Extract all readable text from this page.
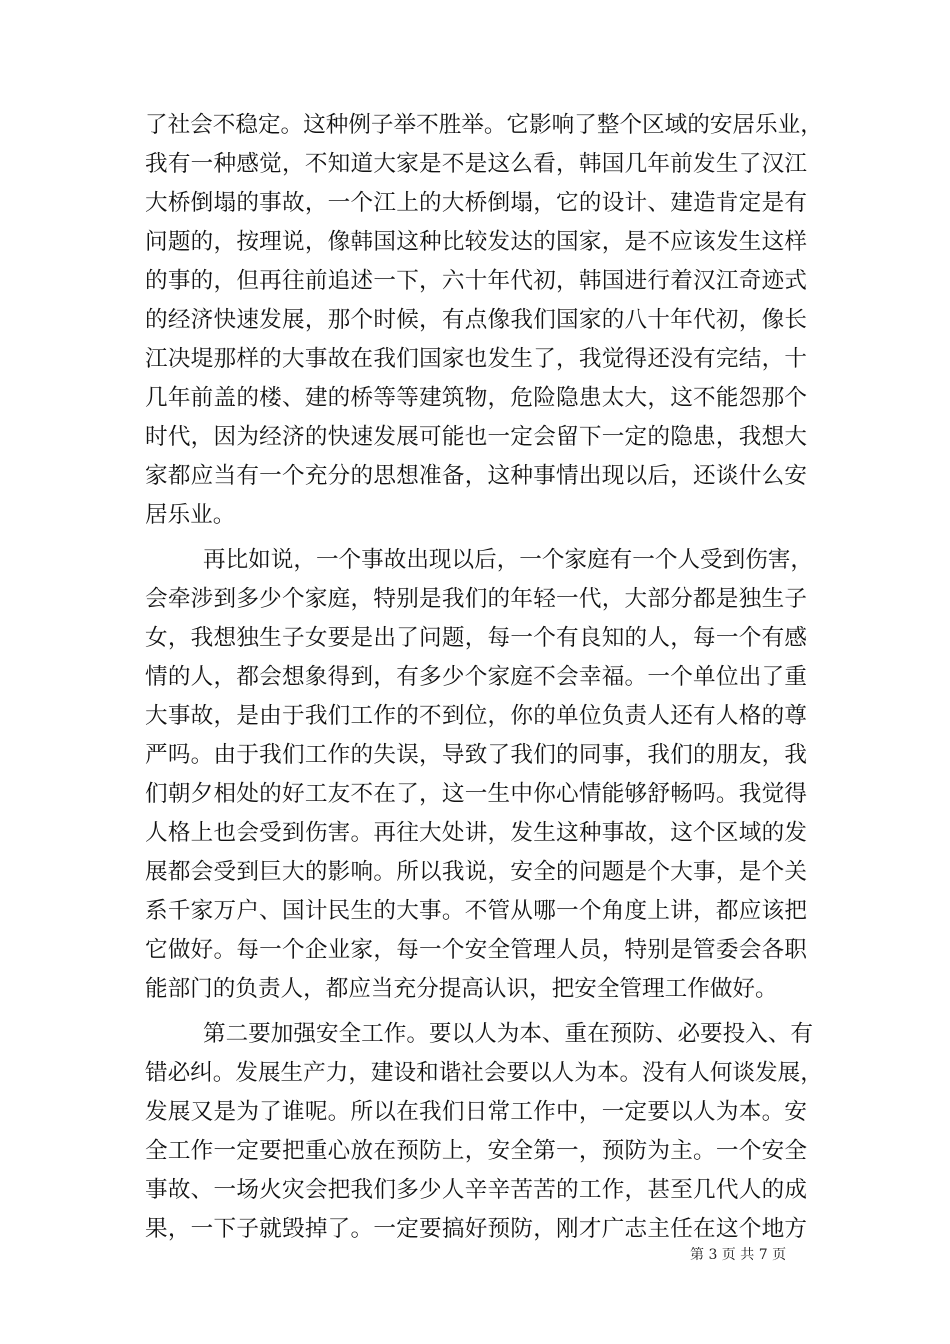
了社会不稳定。这种例子举不胜举。它影响了整个区域的安居乐业，
我有一种感觉，不知道大家是不是这么看，韩国几年前发生了汉江
大桥倒塌的事故，一个江上的大桥倒塌，它的设计、建造肯定是有
问题的，按理说，像韩国这种比较发达的国家，是不应该发生这样
的事的，但再往前追述一下，六十年代初，韩国进行着汉江奇迹式
的经济快速发展，那个时候，有点像我们国家的八十年代初，像长
江决堤那样的大事故在我们国家也发生了，我觉得还没有完结，十
几年前盖的楼、建的桥等等建筑物，危险隐患太大，这不能怨那个
时代，因为经济的快速发展可能也一定会留下一定的隐患，我想大
家都应当有一个充分的思想准备，这种事情出现以后，还谈什么安
居乐业。
再比如说，一个事故出现以后，一个家庭有一个人受到伤害，
会牵涉到多少个家庭，特别是我们的年轻一代，大部分都是独生子
女，我想独生子女要是出了问题，每一个有良知的人，每一个有感
情的人，都会想象得到，有多少个家庭不会幸福。一个单位出了重
大事故，是由于我们工作的不到位，你的单位负责人还有人格的尊
严吗。由于我们工作的失误，导致了我们的同事，我们的朋友，我
们朝夕相处的好工友不在了，这一生中你心情能够舒畅吗。我觉得
人格上也会受到伤害。再往大处讲，发生这种事故，这个区域的发
展都会受到巨大的影响。所以我说，安全的问题是个大事，是个关
系千家万户、国计民生的大事。不管从哪一个角度上讲，都应该把
它做好。每一个企业家，每一个安全管理人员，特别是管委会各职
能部门的负责人，都应当充分提高认识，把安全管理工作做好。
第二要加强安全工作。要以人为本、重在预防、必要投入、有
错必纠。发展生产力，建设和谐社会要以人为本。没有人何谈发展，
发展又是为了谁呢。所以在我们日常工作中，一定要以人为本。安
全工作一定要把重心放在预防上，安全第一，预防为主。一个安全
事故、一场火灾会把我们多少人辛辛苦苦的工作，甚至几代人的成
果，一下子就毁掉了。一定要搞好预防，刚才广志主任在这个地方
第 3 页 共 7 页
